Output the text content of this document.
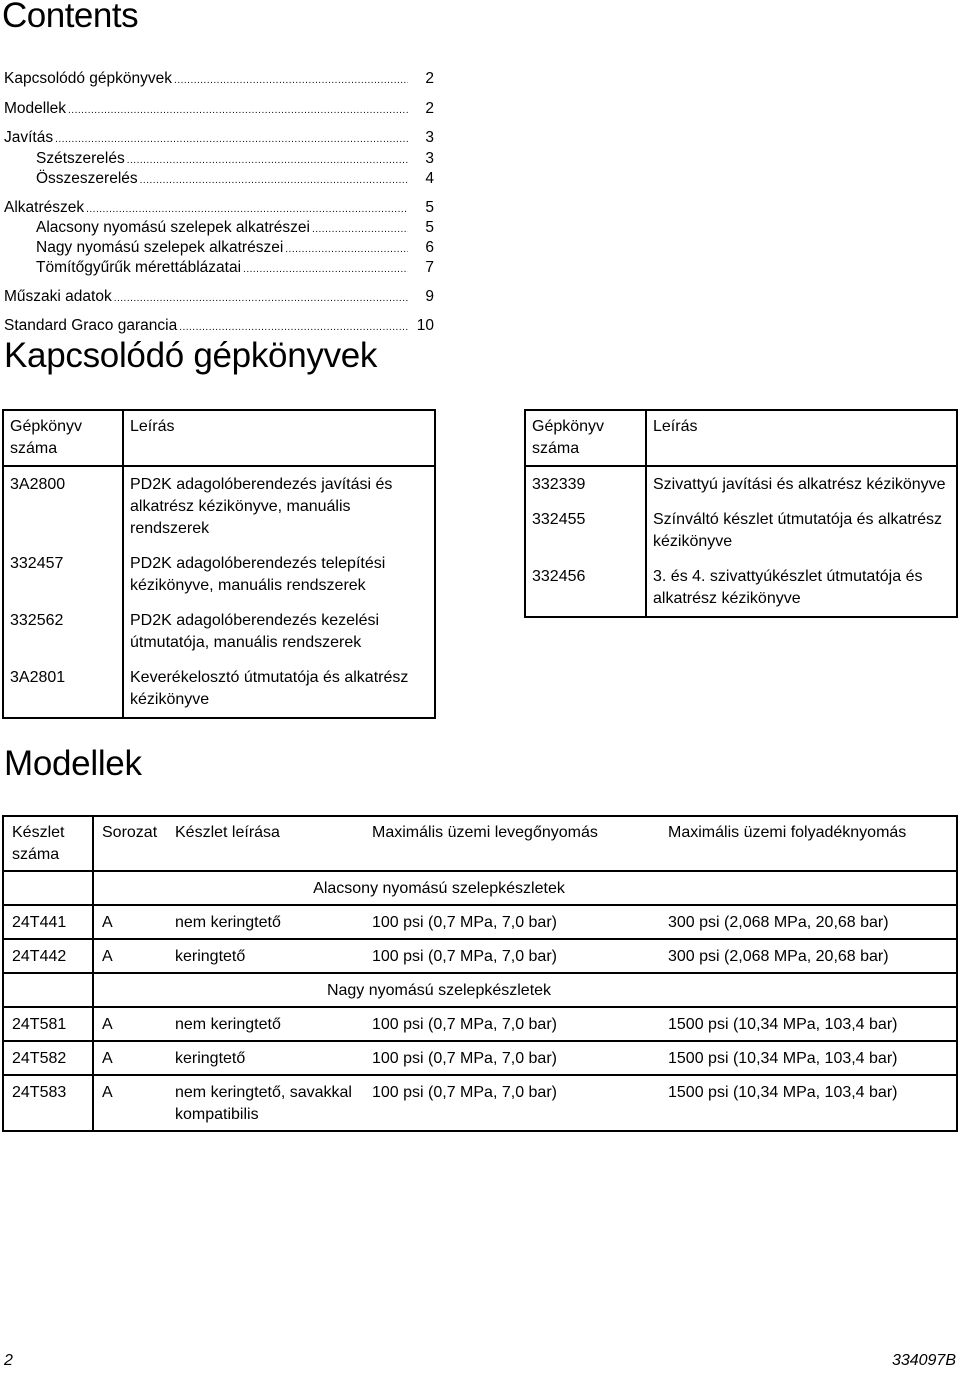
Contents
Kapcsolódó gépkönyvek .....	2
Modellek .....	2
Javítás .....	3
Szétszerelés .....	3
Összeszerelés .....	4
Alkatrészek .....	5
Alacsony nyomású szelepek alkatrészei .....	5
Nagy nyomású szelepek alkatrészei .....	6
Tömítőgyűrűk mérettáblázatai .....	7
Műszaki adatok .....	9
Standard Graco garancia .....	10
Kapcsolódó gépkönyvek
Gépkönyv száma	Leírás
3A2800	PD2K adagolóberendezés javítási és alkatrész kézikönyve, manuális rendszerek
332457	PD2K adagolóberendezés telepítési kézikönyve, manuális rendszerek
332562	PD2K adagolóberendezés kezelési útmutatója, manuális rendszerek
3A2801	Keverékelosztó útmutatója és alkatrész kézikönyve
Gépkönyv száma	Leírás
332339	Szivattyú javítási és alkatrész kézikönyve
332455	Színváltó készlet útmutatója és alkatrész kézikönyve
332456	3. és 4. szivattyúkészlet útmutatója és alkatrész kézikönyve
Modellek
Készlet száma	Sorozat	Készlet leírása	Maximális üzemi levegőnyomás	Maximális üzemi folyadéknyomás
	Alacsony nyomású szelepkészletek			
24T441	A	nem keringtető	100 psi (0,7 MPa, 7,0 bar)	300 psi (2,068 MPa, 20,68 bar)
24T442	A	keringtető	100 psi (0,7 MPa, 7,0 bar)	300 psi (2,068 MPa, 20,68 bar)
	Nagy nyomású szelepkészletek			
24T581	A	nem keringtető	100 psi (0,7 MPa, 7,0 bar)	1500 psi (10,34 MPa, 103,4 bar)
24T582	A	keringtető	100 psi (0,7 MPa, 7,0 bar)	1500 psi (10,34 MPa, 103,4 bar)
24T583	A	nem keringtető, savakkal kompatibilis	100 psi (0,7 MPa, 7,0 bar)	1500 psi (10,34 MPa, 103,4 bar)
2	334097B
